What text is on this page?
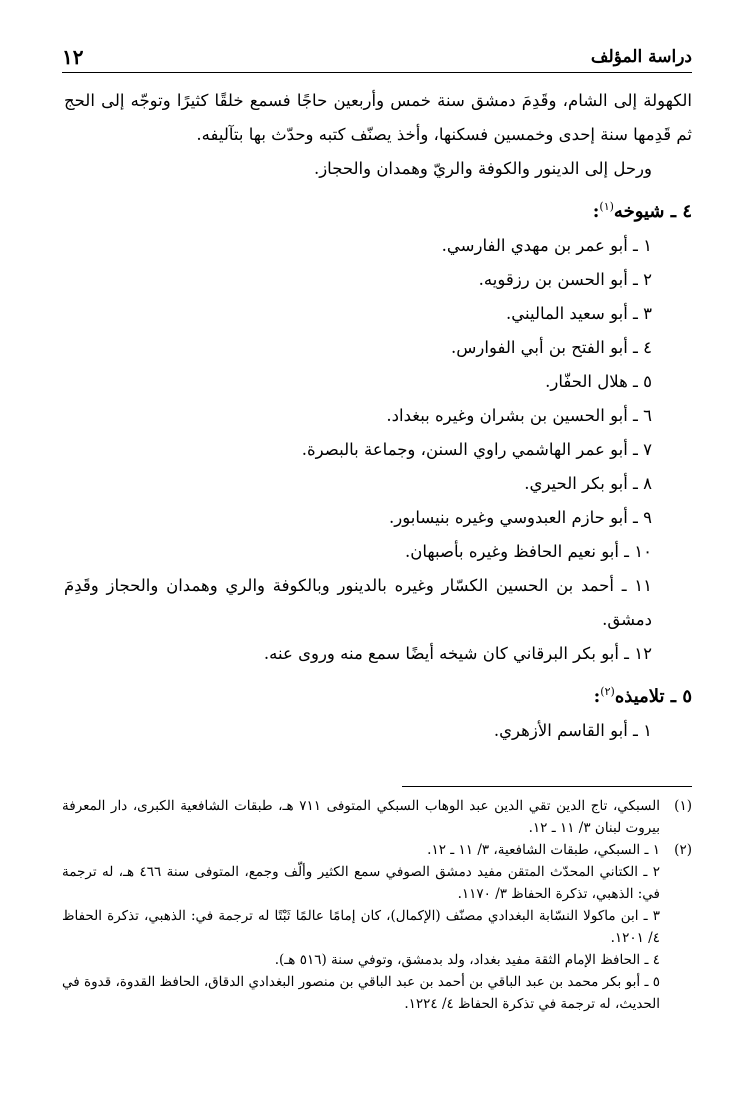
دراسة المؤلف
١٢

الكهولة إلى الشام، وقَدِمَ دمشق سنة خمس وأربعين حاجًا فسمع خلقًا كثيرًا وتوجّه إلى الحج ثم قَدِمها سنة إحدى وخمسين فسكنها، وأخذ يصنّف كتبه وحدّث بها بتآليفه.

ورحل إلى الدينور والكوفة والريّ وهمدان والحجاز.

٤ ـ شيوخه$^{(١)}$:
١ ـ أبو عمر بن مهدي الفارسي.
٢ ـ أبو الحسن بن رزقويه.
٣ ـ أبو سعيد الماليني.
٤ ـ أبو الفتح بن أبي الفوارس.
٥ ـ هلال الحفّار.
٦ ـ أبو الحسين بن بشران وغيره ببغداد.
٧ ـ أبو عمر الهاشمي راوي السنن، وجماعة بالبصرة.
٨ ـ أبو بكر الحيري.
٩ ـ أبو حازم العبدوسي وغيره بنيسابور.
١٠ ـ أبو نعيم الحافظ وغيره بأصبهان.
١١ ـ أحمد بن الحسين الكسّار وغيره بالدينور وبالكوفة والري وهمدان والحجاز وقَدِمَ دمشق.
١٢ ـ أبو بكر البرقاني كان شيخه أيضًا سمع منه وروى عنه.
٥ ـ تلاميذه$^{(٢)}$:
١ ـ أبو القاسم الأزهري.
(١)
السبكي، تاج الدين تقي الدين عبد الوهاب السبكي المتوفى ٧١١ هـ، طبقات الشافعية الكبرى، دار المعرفة بيروت لبنان ٣/ ١١ ـ ١٢.
(٢)
١ ـ السبكي، طبقات الشافعية، ٣/ ١١ ـ ١٢.
٢ ـ الكتاني المحدّث المتقن مفيد دمشق الصوفي سمع الكثير وألّف وجمع، المتوفى سنة ٤٦٦ هـ، له ترجمة في: الذهبي، تذكرة الحفاظ ٣/ ١١٧٠.
٣ ـ ابن ماكولا النسّابة البغدادي مصنّف (الإكمال)، كان إمامًا عالمًا ثَبْتًا له ترجمة في: الذهبي، تذكرة الحفاظ ٤/ ١٢٠١.
٤ ـ الحافظ الإمام الثقة مفيد بغداد، ولد بدمشق، وتوفي سنة (٥١٦ هـ).
٥ ـ أبو بكر محمد بن عبد الباقي بن أحمد بن عبد الباقي بن منصور البغدادي الدقاق، الحافظ القدوة، قدوة في الحديث، له ترجمة في تذكرة الحفاظ ٤/ ١٢٢٤.
